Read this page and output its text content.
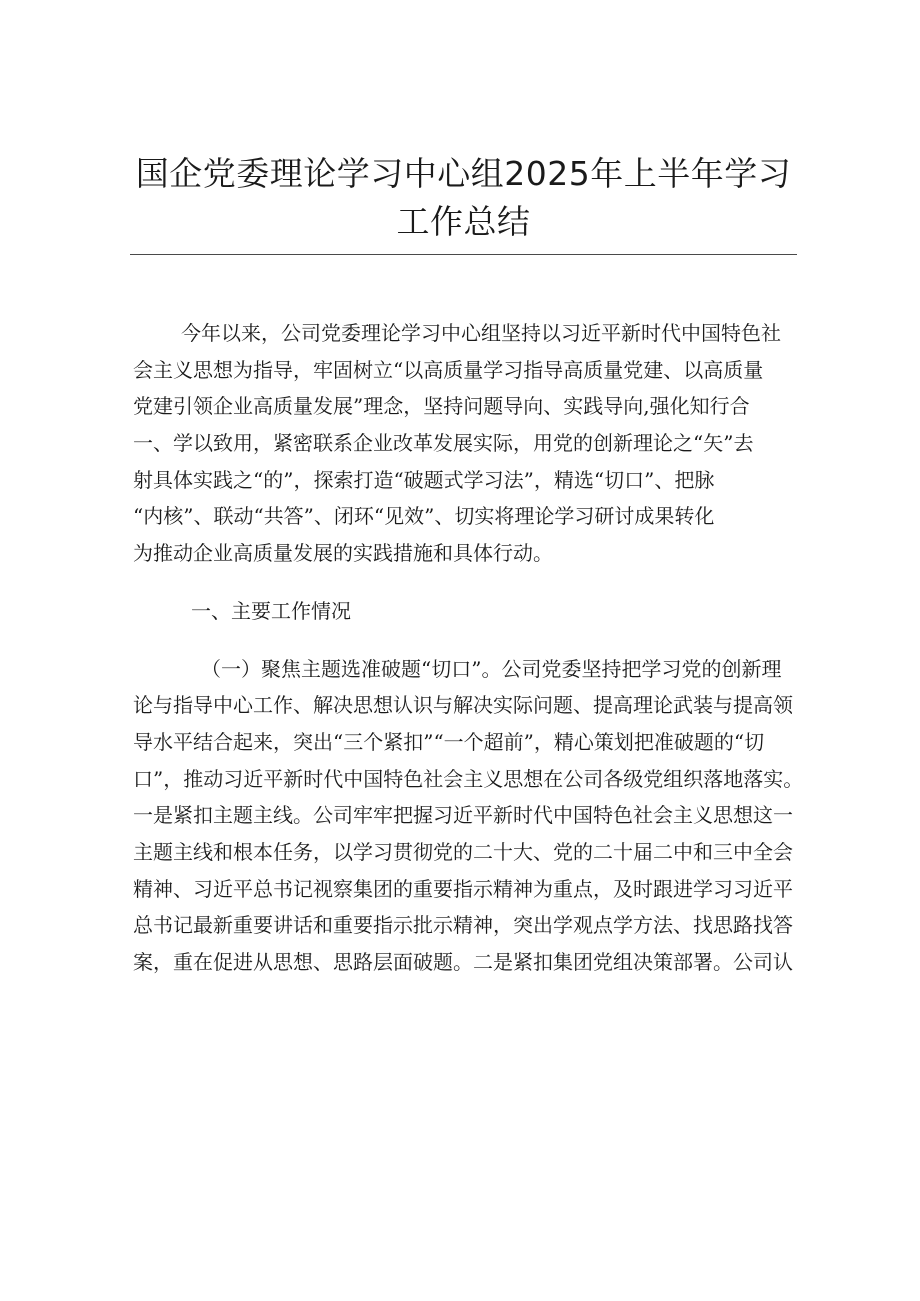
国企党委理论学习中心组2025年上半年学习
工作总结
今年以来，公司党委理论学习中心组坚持以习近平新时代中国特色社
会主义思想为指导，牢固树立“以高质量学习指导高质量党建、以高质量
党建引领企业高质量发展”理念，坚持问题导向、实践导向,强化知行合
一、学以致用，紧密联系企业改革发展实际，用党的创新理论之“矢”去
射具体实践之“的”，探索打造“破题式学习法”，精选“切口”、把脉
“内核”、联动“共答”、闭环“见效”、切实将理论学习研讨成果转化
为推动企业高质量发展的实践措施和具体行动。
一、主要工作情况
（一）聚焦主题选准破题“切口”。公司党委坚持把学习党的创新理
论与指导中心工作、解决思想认识与解决实际问题、提高理论武装与提高领
导水平结合起来，突出“三个紧扣”“一个超前”，精心策划把准破题的“切
口”，推动习近平新时代中国特色社会主义思想在公司各级党组织落地落实。
一是紧扣主题主线。公司牢牢把握习近平新时代中国特色社会主义思想这一
主题主线和根本任务，以学习贯彻党的二十大、党的二十届二中和三中全会
精神、习近平总书记视察集团的重要指示精神为重点，及时跟进学习习近平
总书记最新重要讲话和重要指示批示精神，突出学观点学方法、找思路找答
案，重在促进从思想、思路层面破题。二是紧扣集团党组决策部署。公司认
